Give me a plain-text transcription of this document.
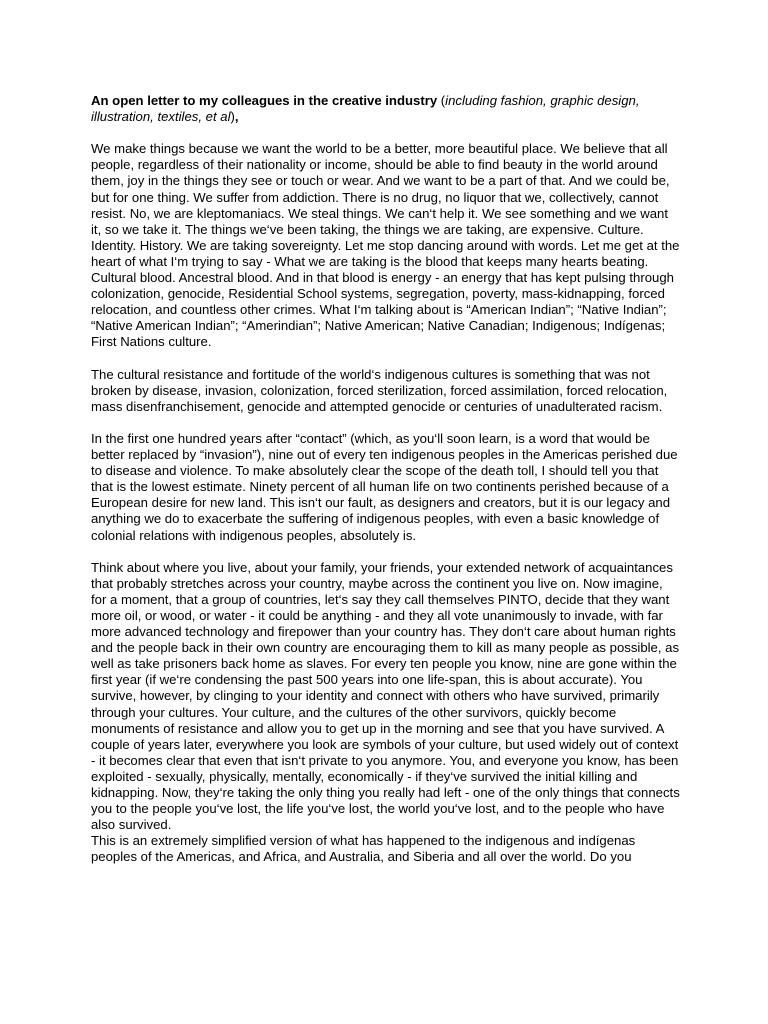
An open letter to my colleagues in the creative industry (including fashion, graphic design, illustration, textiles, et al),

We make things because we want the world to be a better, more beautiful place. We believe that all people, regardless of their nationality or income, should be able to find beauty in the world around them, joy in the things they see or touch or wear. And we want to be a part of that. And we could be, but for one thing. We suffer from addiction. There is no drug, no liquor that we, collectively, cannot resist. No, we are kleptomaniacs. We steal things. We can‘t help it. We see something and we want it, so we take it. The things we‘ve been taking, the things we are taking, are expensive. Culture. Identity. History. We are taking sovereignty. Let me stop dancing around with words. Let me get at the heart of what I‘m trying to say - What we are taking is the blood that keeps many hearts beating. Cultural blood. Ancestral blood. And in that blood is energy - an energy that has kept pulsing through colonization, genocide, Residential School systems, segregation, poverty, mass-kidnapping, forced relocation, and countless other crimes. What I‘m talking about is “American Indian”; “Native Indian”; “Native American Indian”; “Amerindian”; Native American; Native Canadian; Indigenous; Indígenas; First Nations culture.

The cultural resistance and fortitude of the world‘s indigenous cultures is something that was not broken by disease, invasion, colonization, forced sterilization, forced assimilation, forced relocation, mass disenfranchisement, genocide and attempted genocide or centuries of unadulterated racism.

In the first one hundred years after “contact” (which, as you‘ll soon learn, is a word that would be better replaced by “invasion”), nine out of every ten indigenous peoples in the Americas perished due to disease and violence. To make absolutely clear the scope of the death toll, I should tell you that that is the lowest estimate. Ninety percent of all human life on two continents perished because of a European desire for new land. This isn‘t our fault, as designers and creators, but it is our legacy and anything we do to exacerbate the suffering of indigenous peoples, with even a basic knowledge of colonial relations with indigenous peoples, absolutely is.

Think about where you live, about your family, your friends, your extended network of acquaintances that probably stretches across your country, maybe across the continent you live on. Now imagine, for a moment, that a group of countries, let‘s say they call themselves PINTO, decide that they want more oil, or wood, or water - it could be anything - and they all vote unanimously to invade, with far more advanced technology and firepower than your country has. They don‘t care about human rights and the people back in their own country are encouraging them to kill as many people as possible, as well as take prisoners back home as slaves. For every ten people you know, nine are gone within the first year (if we‘re condensing the past 500 years into one life-span, this is about accurate). You survive, however, by clinging to your identity and connect with others who have survived, primarily through your cultures. Your culture, and the cultures of the other survivors, quickly become monuments of resistance and allow you to get up in the morning and see that you have survived. A couple of years later, everywhere you look are symbols of your culture, but used widely out of context - it becomes clear that even that isn‘t private to you anymore. You, and everyone you know, has been exploited - sexually, physically, mentally, economically - if they‘ve survived the initial killing and kidnapping. Now, they‘re taking the only thing you really had left - one of the only things that connects you to the people you‘ve lost, the life you‘ve lost, the world you‘ve lost, and to the people who have also survived.

This is an extremely simplified version of what has happened to the indigenous and indígenas peoples of the Americas, and Africa, and Australia, and Siberia and all over the world. Do you
